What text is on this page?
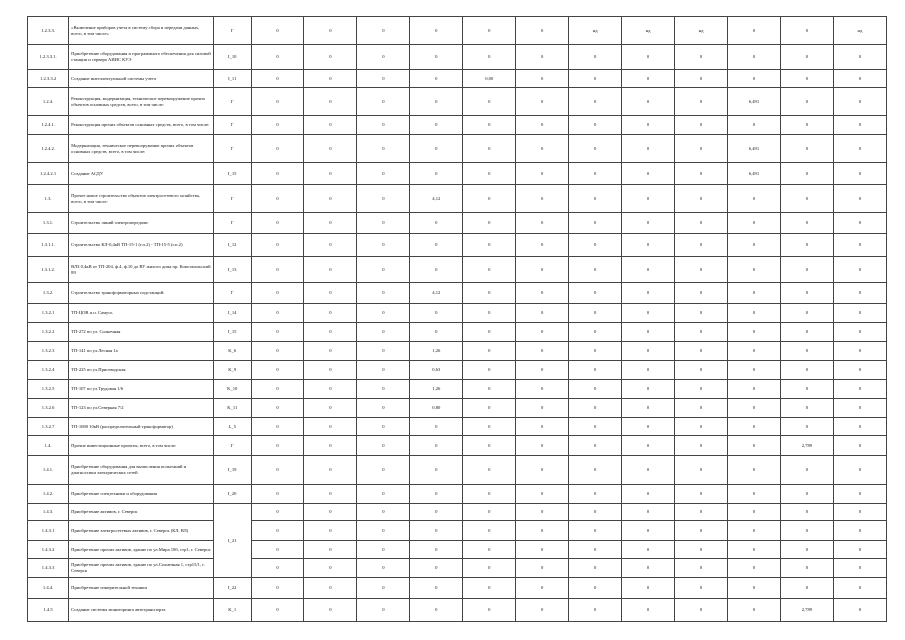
1.2.3.3.	«Включение приборов учета в систему сбора и передачи данных, всего, в том числе»	Г	0	0	0	0	0	0	нд	нд	нд	0	0	нд
1.2.3.3.1.	Приобретение оборудования и программного обеспечения для силовой станции и сервера АИИС КУЭ	I_10	0	0	0	0	0	0	0	0	0	0	0	0
1.2.3.3.2	Создание интеллектуальной системы учета	I_11	0	0	0	0	0,00	0	0	0	0	0	0	0
1.2.4.	Реконструкция, модернизация, техническое перевооружение прочих объектов основных средств, всего, в том числе:	Г	0	0	0	0	0	0	0	0	0	6,491	0	0
1.2.4.1.	Реконструкция прочих объектов основных средств, всего, в том числе:	Г	0	0	0	0	0	0	0	0	0	0	0	0
1.2.4.2.	Модернизация, техническое перевооружение прочих объектов основных средств, всего, в том числе:	Г	0	0	0	0	0	0	0	0	0	6,491	0	0
1.2.4.2.1	Создание АСДУ	I_15	0	0	0	0	0	0	0	0	0	6,491	0	0
1.3.	Прочее новое строительство объектов электросетевого хозяйства, всего, в том числе:	Г	0	0	0	4,12	0	0	0	0	0	0	0	0
1.3.1.	Строительство линий электропередачи:	Г	0	0	0	0	0	0	0	0	0	0	0	0
1.3.1.1.	Строительство КЛ-0,4кВ ТП-15-1 (г.п.2) - ТП-15-5 (г.п.2)	I_12	0	0	0	0	0	0	0	0	0	0	0	0
1.3.1.2.	ВЛЗ 0,4кВ от ТП-204, ф.4, ф.10 до ВУ жилого дома пр. Комсомольский 89	I_13	0	0	0	0	0	0	0	0	0	0	0	0
1.3.2.	Строительство трансформаторных подстанций:	Г	0	0	0	4,12	0	0	0	0	0	0	0	0
1.3.2.1	ТП-ЦОВ п.п. Самусь	I_14	0	0	0	0	0	0	0	0	0	0	0	0
1.3.2.2	ТП-272 по ул. Солнечная	I_15	0	0	0	0	0	0	0	0	0	0	0	0
1.3.2.3	ТП-141 по ул.Лесная 1а	K_6	0	0	0	1,26	0	0	0	0	0	0	0	0
1.3.2.4	ТП-225 по ул.Приозводская	K_9	0	0	0	0,63	0	0	0	0	0	0	0	0
1.3.2.5	ТП-107 по ул.Трудовая 1/6	K_10	0	0	0	1,26	0	0	0	0	0	0	0	0
1.3.2.6	ТП-123 по ул.Северная 7/2	K_11	0	0	0	0,80	0	0	0	0	0	0	0	0
1.3.2.7	ТП-1080 10кВ (распределительный трансформатор)	L_5	0	0	0	0	0	0	0	0	0	0	0	0
1.4.	Прочие инвестиционные проекты, всего, в том числе:	Г	0	0	0	0	0	0	0	0	0	0	2,789	0
1.4.1.	Приобретение оборудования для вычисления испытаний и диагностики электрических сетей	I_19	0	0	0	0	0	0	0	0	0	0	0	0
1.4.2.	Приобретение спецтехники и оборудования	I_20	0	0	0	0	0	0	0	0	0	0	0	0
1.4.3.	Приобретение активов, г. Северск	I_21	0	0	0	0	0	0	0	0	0	0	0	0
1.4.3.1	Приобретение электросетевых активов, г. Северск (КЛ, ВЛ)		0	0	0	0	0	0	0	0	0	0	0	0
1.4.3.2	Приобретение прочих активов, здание по ул.Мира 18б, стр1, г. Северск		0	0	0	0	0	0	0	0	0	0	0	0
1.4.3.3	Приобретение прочих активов, здание по ул.Солнечная 1, стр15/1, г. Северск		0	0	0	0	0	0	0	0	0	0	0	0
1.4.4.	Приобретение измерительной техники	I_22	0	0	0	0	0	0	0	0	0	0	0	0
1.4.5	Создание системы мониторинга автотранспорта	K_1	0	0	0	0	0	0	0	0	0	0	2,789	0
